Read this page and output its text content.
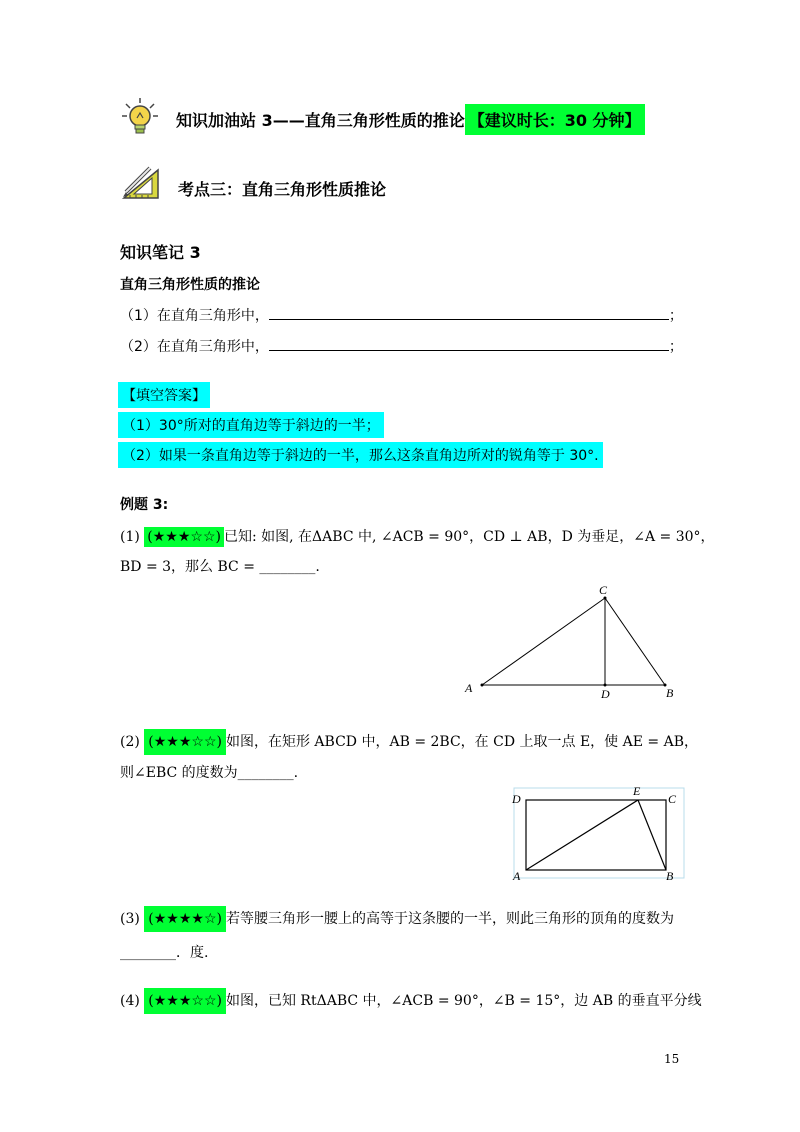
知识加油站 3——直角三角形性质的推论 【建议时长：30 分钟】
考点三：直角三角形性质推论
知识笔记 3
直角三角形性质的推论
（1）在直角三角形中，	；
（2）在直角三角形中，	；
【填空答案】
（1）30°所对的直角边等于斜边的一半；
（2）如果一条直角边等于斜边的一半，那么这条直角边所对的锐角等于 30°.
例题 3:
(1) (★★★☆☆) 已知: 如图, 在ΔABC 中, ∠ACB = 90°，CD ⊥ AB，D 为垂足，∠A = 30°，
BD = 3，那么 BC = ________.
A	B
C
D
(2) (★★★☆☆) 如图，在矩形 ABCD 中，AB = 2BC，在 CD 上取一点 E，使 AE = AB，
则∠EBC 的度数为________.
D
E
C
A	B
(3) (★★★★☆) 若等腰三角形一腰上的高等于这条腰的一半，则此三角形的顶角的度数为
________．度.
(4) (★★★☆☆) 如图，已知 RtΔABC 中，∠ACB = 90°，∠B = 15°，边 AB 的垂直平分线
15
